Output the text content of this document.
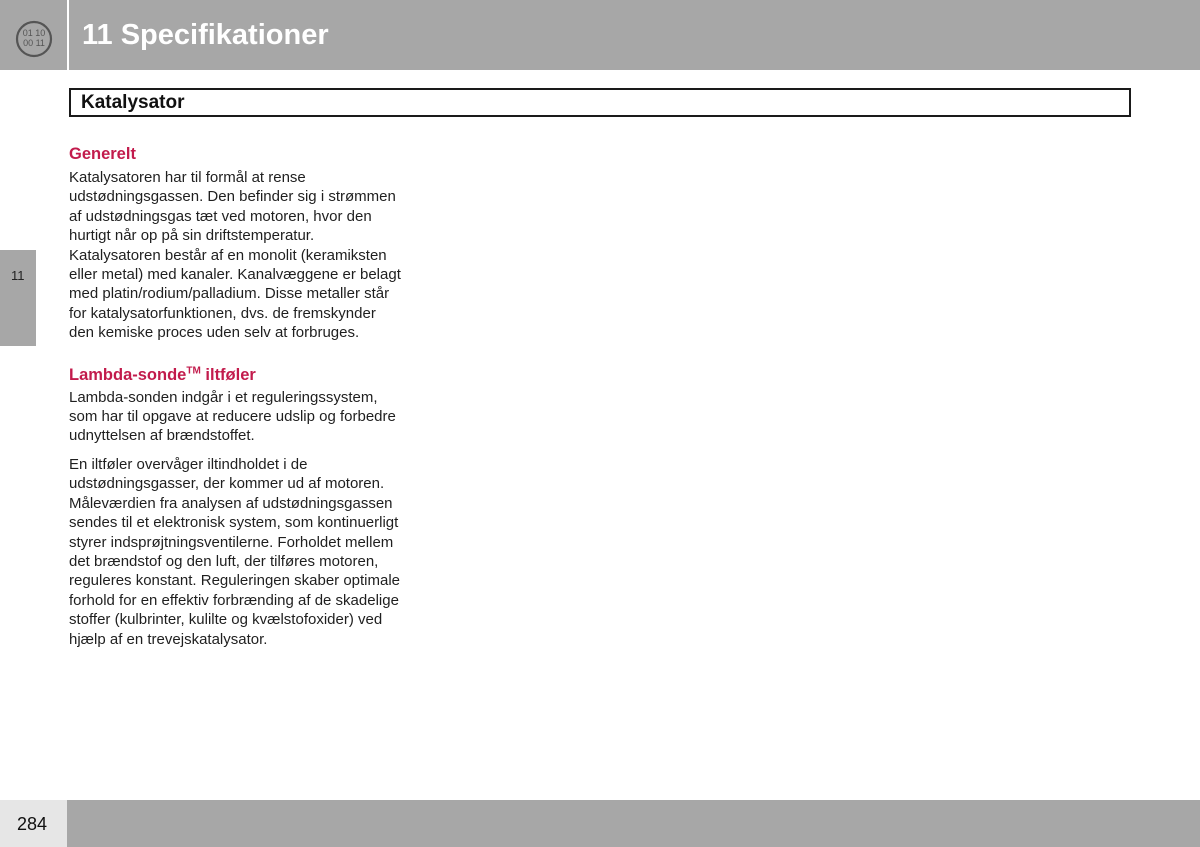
01 10
00 11 11 Specifikationer
Katalysator
11
Generelt

Katalysatoren har til formål at rense udstødningsgassen. Den befinder sig i strømmen af udstødningsgas tæt ved motoren, hvor den hurtigt når op på sin driftstemperatur. Katalysatoren består af en monolit (keramiksten eller metal) med kanaler. Kanalvæggene er belagt med platin/rodium/palladium. Disse metaller står for katalysatorfunktionen, dvs. de fremskynder den kemiske proces uden selv at forbruges.

Lambda-sonde™ iltføler

Lambda-sonden indgår i et reguleringssystem, som har til opgave at reducere udslip og forbedre udnyttelsen af brændstoffet.

En iltføler overvåger iltindholdet i de udstødningsgasser, der kommer ud af motoren. Måleværdien fra analysen af udstødningsgassen sendes til et elektronisk system, som kontinuerligt styrer indsprøjtningsventilerne. Forholdet mellem det brændstof og den luft, der tilføres motoren, reguleres konstant. Reguleringen skaber optimale forhold for en effektiv forbrænding af de skadelige stoffer (kulbrinter, kulilte og kvælstofoxider) ved hjælp af en trevejskatalysator.

284
